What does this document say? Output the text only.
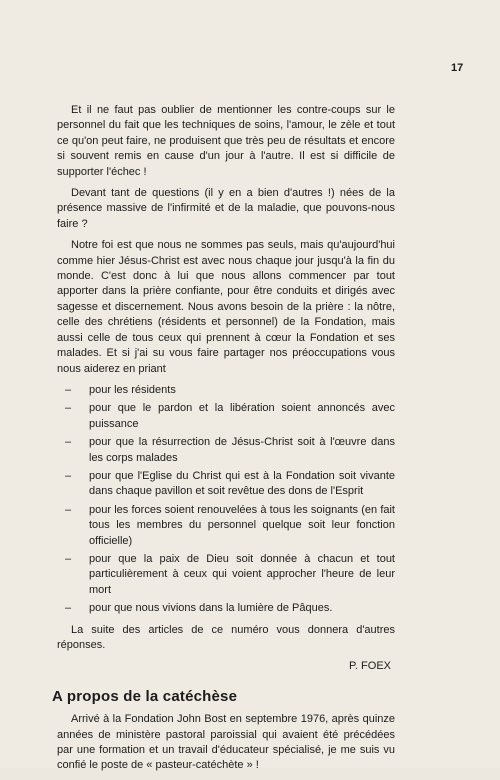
17

Et il ne faut pas oublier de mentionner les contre-coups sur le personnel du fait que les techniques de soins, l'amour, le zèle et tout ce qu'on peut faire, ne produisent que très peu de résultats et encore si souvent remis en cause d'un jour à l'autre. Il est si difficile de supporter l'échec !

Devant tant de questions (il y en a bien d'autres !) nées de la présence massive de l'infirmité et de la maladie, que pouvons-nous faire ?

Notre foi est que nous ne sommes pas seuls, mais qu'aujourd'hui comme hier Jésus-Christ est avec nous chaque jour jusqu'à la fin du monde. C'est donc à lui que nous allons commencer par tout apporter dans la prière confiante, pour être conduits et dirigés avec sagesse et discernement. Nous avons besoin de la prière : la nôtre, celle des chrétiens (résidents et personnel) de la Fondation, mais aussi celle de tous ceux qui prennent à cœur la Fondation et ses malades. Et si j'ai su vous faire partager nos préoccupations vous nous aiderez en priant

– pour les résidents
– pour que le pardon et la libération soient annoncés avec puissance
– pour que la résurrection de Jésus-Christ soit à l'œuvre dans les corps malades
– pour que l'Eglise du Christ qui est à la Fondation soit vivante dans chaque pavillon et soit revêtue des dons de l'Esprit
– pour les forces soient renouvelées à tous les soignants (en fait tous les membres du personnel quelque soit leur fonction officielle)
– pour que la paix de Dieu soit donnée à chacun et tout particulièrement à ceux qui voient approcher l'heure de leur mort
– pour que nous vivions dans la lumière de Pâques.

La suite des articles de ce numéro vous donnera d'autres réponses.

P. FOEX
A propos de la catéchèse

Arrivé à la Fondation John Bost en septembre 1976, après quinze années de ministère pastoral paroissial qui avaient été précédées par une formation et un travail d'éducateur spécialisé, je me suis vu confié le poste de « pasteur-catéchète » !
